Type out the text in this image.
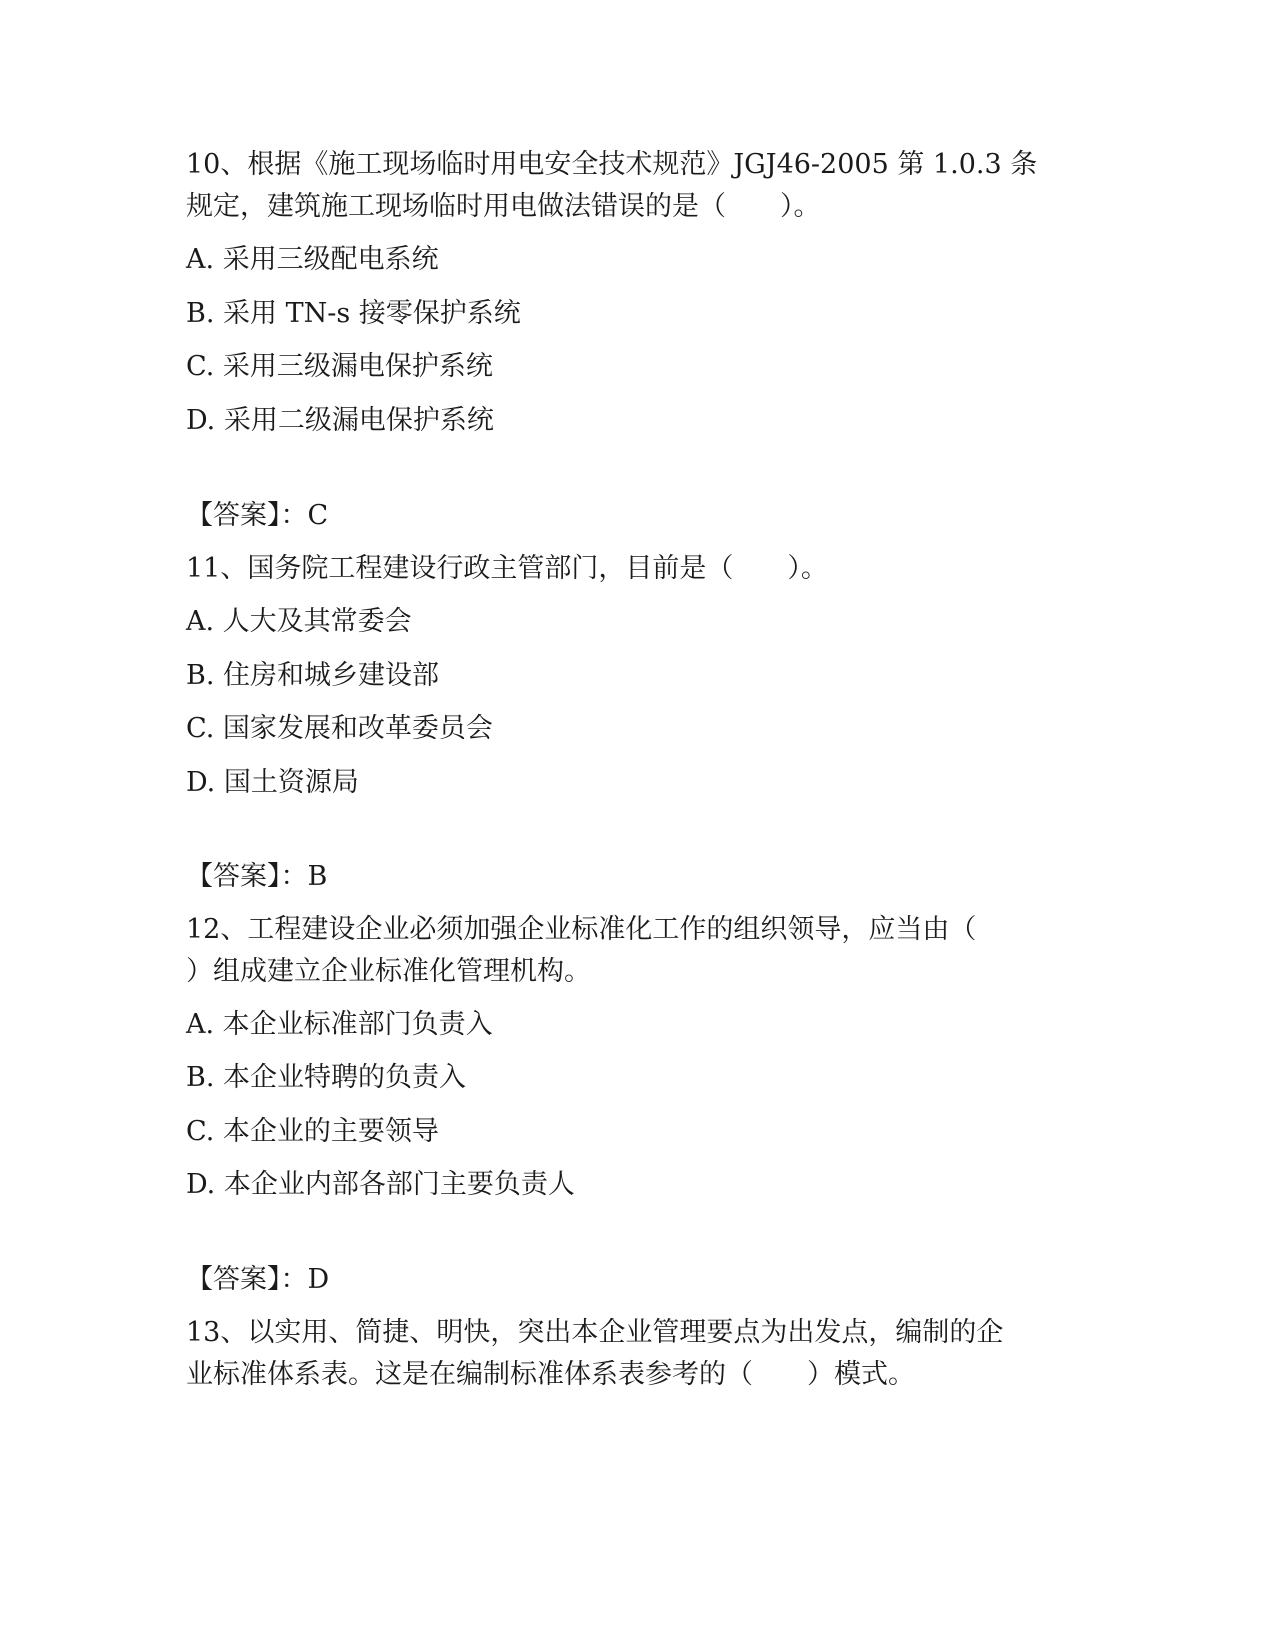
10、根据《施工现场临时用电安全技术规范》JGJ46-2005 第 1.0.3 条
规定，建筑施工现场临时用电做法错误的是（　　）。
A. 采用三级配电系统
B. 采用 TN-s 接零保护系统
C. 采用三级漏电保护系统
D. 采用二级漏电保护系统
【答案】：C
11、国务院工程建设行政主管部门，目前是（　　）。
A. 人大及其常委会
B. 住房和城乡建设部
C. 国家发展和改革委员会
D. 国土资源局
【答案】：B
12、工程建设企业必须加强企业标准化工作的组织领导，应当由（
）组成建立企业标准化管理机构。
A. 本企业标准部门负责入
B. 本企业特聘的负责入
C. 本企业的主要领导
D. 本企业内部各部门主要负责人
【答案】：D
13、以实用、简捷、明快，突出本企业管理要点为出发点，编制的企
业标准体系表。这是在编制标准体系表参考的（　　）模式。
